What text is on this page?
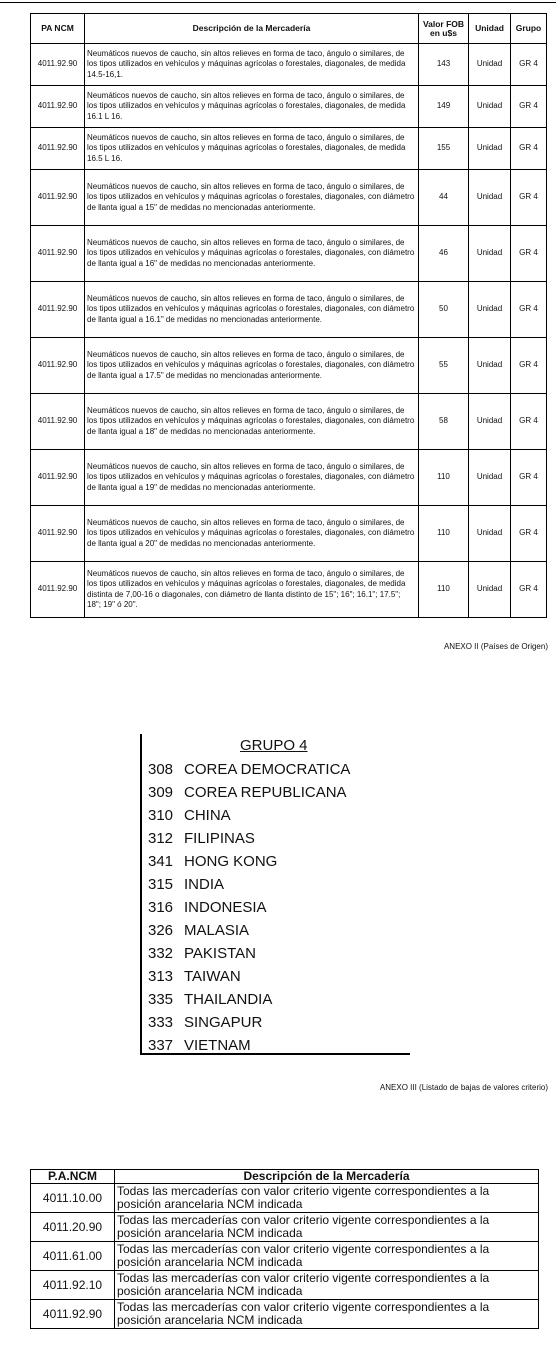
PA NCM	Descripción de la Mercadería	Valor FOB en u$s	Unidad	Grupo
4011.92.90	Neumáticos nuevos de caucho, sin altos relieves en forma de taco, ángulo o similares, de los tipos utilizados en vehículos y máquinas agrícolas o forestales, diagonales, de medida 14.5-16,1.	143	Unidad	GR 4
4011.92.90	Neumáticos nuevos de caucho, sin altos relieves en forma de taco, ángulo o similares, de los tipos utilizados en vehículos y máquinas agrícolas o forestales, diagonales, de medida 16.1 L 16.	149	Unidad	GR 4
4011.92.90	Neumáticos nuevos de caucho, sin altos relieves en forma de taco, ángulo o similares, de los tipos utilizados en vehículos y máquinas agrícolas o forestales, diagonales, de medida 16.5 L 16.	155	Unidad	GR 4
4011.92.90	Neumáticos nuevos de caucho, sin altos relieves en forma de taco, ángulo o similares, de los tipos utilizados en vehículos y máquinas agrícolas o forestales, diagonales, con diámetro de llanta igual a 15" de medidas no mencionadas anteriormente.	44	Unidad	GR 4
4011.92.90	Neumáticos nuevos de caucho, sin altos relieves en forma de taco, ángulo o similares, de los tipos utilizados en vehículos y máquinas agrícolas o forestales, diagonales, con diámetro de llanta igual a 16" de medidas no mencionadas anteriormente.	46	Unidad	GR 4
4011.92.90	Neumáticos nuevos de caucho, sin altos relieves en forma de taco, ángulo o similares, de los tipos utilizados en vehículos y máquinas agrícolas o forestales, diagonales, con diámetro de llanta igual a 16.1" de medidas no mencionadas anteriormente.	50	Unidad	GR 4
4011.92.90	Neumáticos nuevos de caucho, sin altos relieves en forma de taco, ángulo o similares, de los tipos utilizados en vehículos y máquinas agrícolas o forestales, diagonales, con diámetro de llanta igual a 17.5" de medidas no mencionadas anteriormente.	55	Unidad	GR 4
4011.92.90	Neumáticos nuevos de caucho, sin altos relieves en forma de taco, ángulo o similares, de los tipos utilizados en vehículos y máquinas agrícolas o forestales, diagonales, con diámetro de llanta igual a 18" de medidas no mencionadas anteriormente.	58	Unidad	GR 4
4011.92.90	Neumáticos nuevos de caucho, sin altos relieves en forma de taco, ángulo o similares, de los tipos utilizados en vehículos y máquinas agrícolas o forestales, diagonales, con diámetro de llanta igual a 19" de medidas no mencionadas anteriormente.	110	Unidad	GR 4
4011.92.90	Neumáticos nuevos de caucho, sin altos relieves en forma de taco, ángulo o similares, de los tipos utilizados en vehículos y máquinas agrícolas o forestales, diagonales, con diámetro de llanta igual a 20" de medidas no mencionadas anteriormente.	110	Unidad	GR 4
4011.92.90	Neumáticos nuevos de caucho, sin altos relieves en forma de taco, ángulo o similares, de los tipos utilizados en vehículos y máquinas agrícolas o forestales, diagonales, de medida distinta de 7,00-16 o diagonales, con diámetro de llanta distinto de 15"; 16"; 16.1"; 17.5"; 18"; 19" ó 20".	110	Unidad	GR 4
ANEXO II (Países de Origen)
GRUPO 4
308 COREA DEMOCRATICA
309 COREA REPUBLICANA
310 CHINA
312 FILIPINAS
341 HONG KONG
315 INDIA
316 INDONESIA
326 MALASIA
332 PAKISTAN
313 TAIWAN
335 THAILANDIA
333 SINGAPUR
337 VIETNAM
ANEXO III (Listado de bajas de valores criterio)
P.A.NCM	Descripción de la Mercadería
4011.10.00	Todas las mercaderías con valor criterio vigente correspondientes a la posición arancelaria NCM indicada
4011.20.90	Todas las mercaderías con valor criterio vigente correspondientes a la posición arancelaria NCM indicada
4011.61.00	Todas las mercaderías con valor criterio vigente correspondientes a la posición arancelaria NCM indicada
4011.92.10	Todas las mercaderías con valor criterio vigente correspondientes a la posición arancelaria NCM indicada
4011.92.90	Todas las mercaderías con valor criterio vigente correspondientes a la posición arancelaria NCM indicada
